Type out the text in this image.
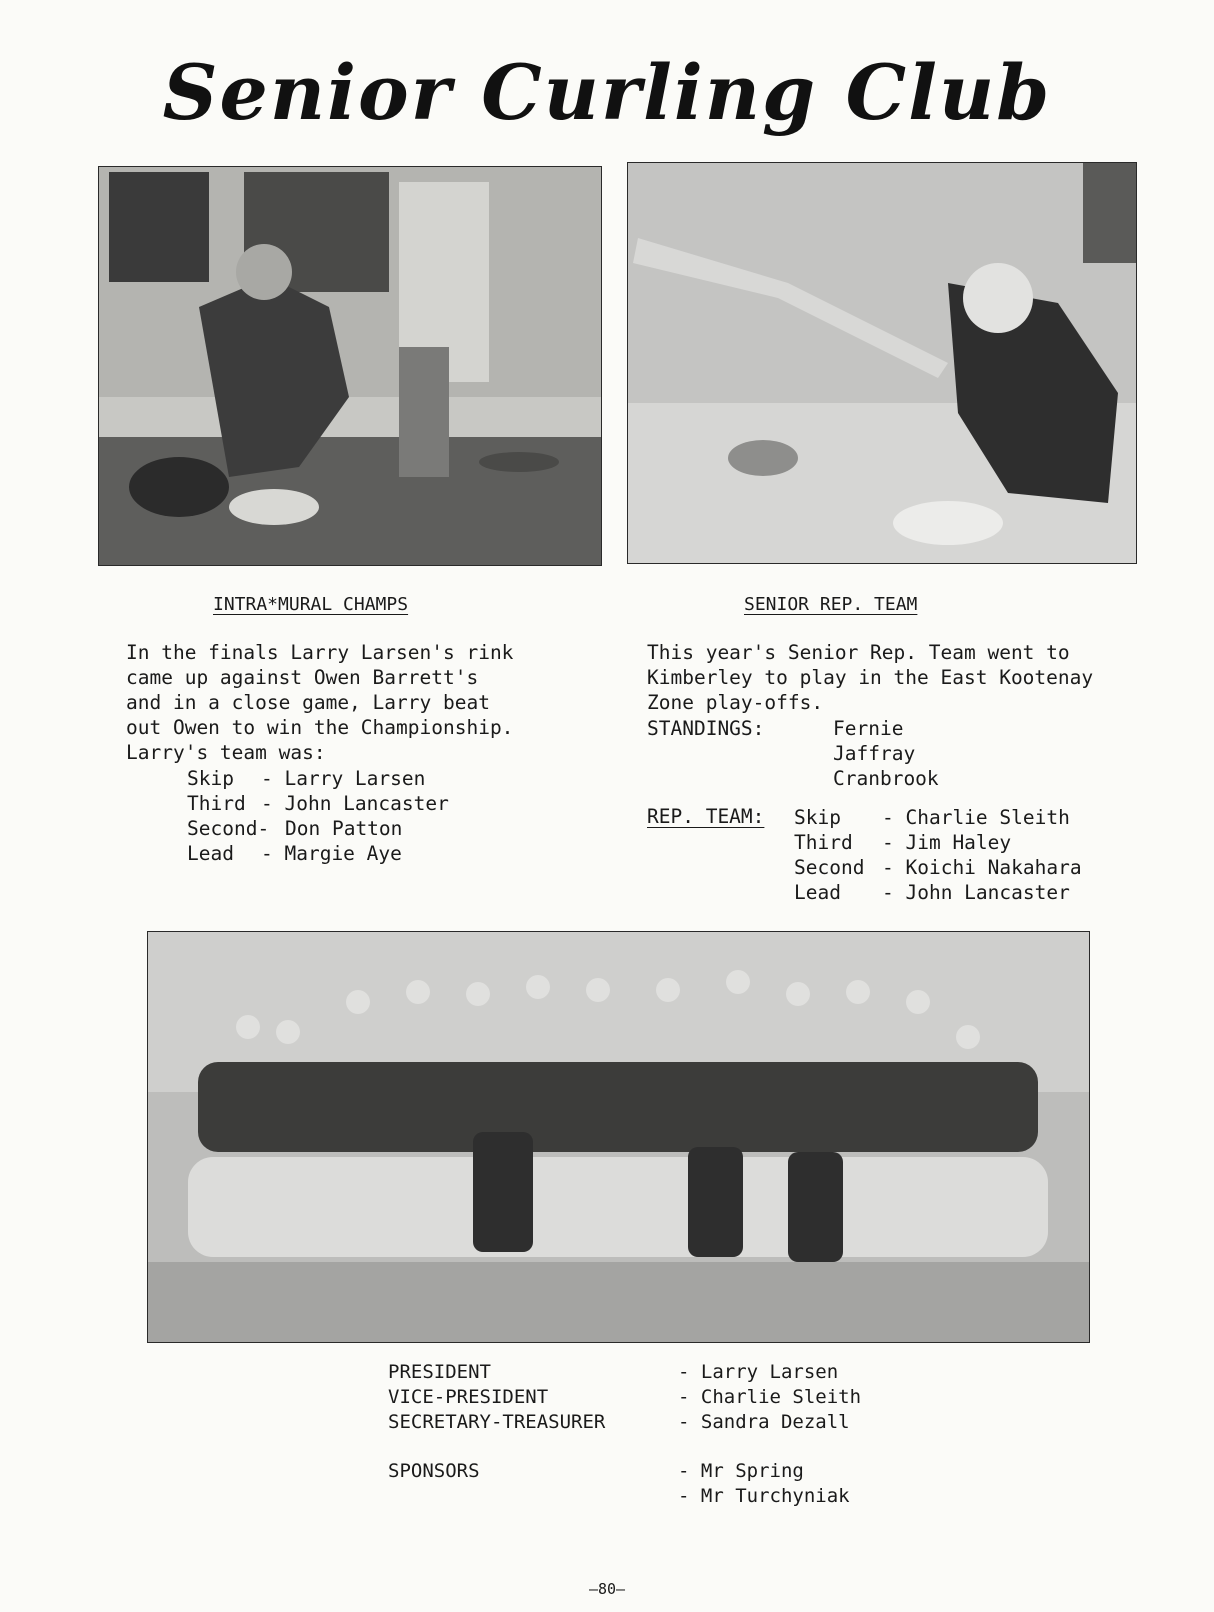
Senior Curling Club
INTRA*MURAL CHAMPS
In the finals Larry Larsen's rink
came up against Owen Barrett's
and in a close game, Larry beat
out Owen to win the Championship.
Larry's team was:
Skip - Larry Larsen
Third - John Lancaster
Second- Don Patton
Lead - Margie Aye
SENIOR REP. TEAM
This year's Senior Rep. Team went to
Kimberley to play in the East Kootenay
Zone play-offs.
STANDINGS:	Fernie
Jaffray
Cranbrook
REP. TEAM: Skip - Charlie Sleith
Third - Jim Haley
Second - Koichi Nakahara
Lead - John Lancaster
PRESIDENT	- Larry Larsen
VICE-PRESIDENT	- Charlie Sleith
SECRETARY-TREASURER	- Sandra Dezall
SPONSORS	- Mr Spring
- Mr Turchyniak
—80—
